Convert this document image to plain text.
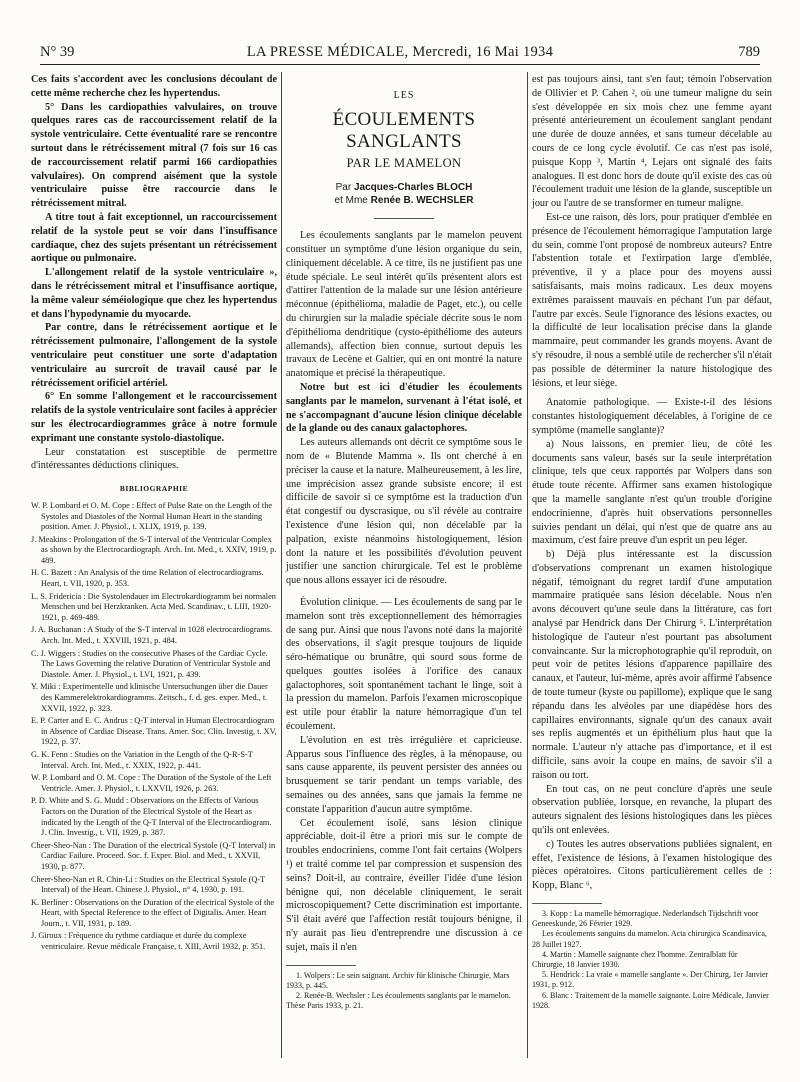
N° 39	LA PRESSE MÉDICALE, Mercredi, 16 Mai 1934	789

Ces faits s'accordent avec les conclusions découlant de cette même recherche chez les hypertendus.

5° Dans les cardiopathies valvulaires, on trouve quelques rares cas de raccourcissement relatif de la systole ventriculaire. Cette éventualité rare se rencontre surtout dans le rétrécissement mitral (7 fois sur 16 cas de raccourcissement relatif parmi 166 cardiopathies valvulaires). On comprend aisément que la systole ventriculaire puisse être raccourcie dans le rétrécissement mitral.

A titre tout à fait exceptionnel, un raccourcissement relatif de la systole peut se voir dans l'insuffisance cardiaque, chez des sujets présentant un rétrécissement aortique ou pulmonaire.

L'allongement relatif de la systole ventriculaire », dans le rétrécissement mitral et l'insuffisance aortique, la même valeur séméiologique que chez les hypertendus et dans l'hypodynamie du myocarde.

Par contre, dans le rétrécissement aortique et le rétrécissement pulmonaire, l'allongement de la systole ventriculaire peut constituer une sorte d'adaptation ventriculaire au surcroît de travail causé par le rétrécissement orificiel artériel.

6° En somme l'allongement et le raccourcissement relatifs de la systole ventriculaire sont faciles à apprécier sur les électrocardiogrammes grâce à notre formule exprimant une constante systolo-diastolique.

Leur constatation est susceptible de permettre d'intéressantes déductions cliniques.

BIBLIOGRAPHIE

W. P. Lombard et O. M. Cope : Effect of Pulse Rate on the Length of the Systoles and Diastoles of the Normal Human Heart in the standing position. Amer. J. Physiol., t. XLIX, 1919, p. 139.

J. Meakins : Prolongation of the S-T interval of the Ventricular Complex as shown by the Electrocardiograph. Arch. Int. Med., t. XXIV, 1919, p. 489.

H. C. Bazett : An Analysis of the time Relation of electrocardiograms. Heart, t. VII, 1920, p. 353.

L. S. Fridericia : Die Systolendauer im Electrokardiogramm bei normalen Menschen und bei Herzkranken. Acta Med. Scandinav., t. LIII, 1920-1921, p. 469-489.

J. A. Buchanan : A Study of the S-T interval in 1028 electrocardiograms. Arch. Int. Med., t. XXVIII, 1921, p. 484.

C. J. Wiggers : Studies on the consecutive Phases of the Cardiac Cycle. The Laws Governing the relative Duration of Ventricular Systole and Diastole. Amer. J. Physiol., t. LVI, 1921, p. 439.

Y. Miki : Experimentelle und klinische Untersuchungen über die Dauer des Kammerelektrokardiogramms. Zeitsch., f. d. ges. exper. Med., t. XXVII, 1922, p. 323.

E. P. Carter and E. C. Andrus : Q-T interval in Human Electrocardiogram in Absence of Cardiac Disease. Trans. Amer. Soc. Clin. Investig, t. XV, 1922, p. 37.

G. K. Fenn : Studies on the Variation in the Length of the Q-R-S-T Interval. Arch. Int. Med., t. XXIX, 1922, p. 441.

W. P. Lombard and O. M. Cope : The Duration of the Systole of the Left Ventricle. Amer. J. Physiol., t. LXXVII, 1926, p. 263.

P. D. White and S. G. Mudd : Observations on the Effects of Various Factors on the Duration of the Electrical Systole of the Heart as indicated by the Length of the Q-T Interval of the Electrocardiogram. J. Clin. Investig., t. VII, 1929, p. 387.

Cheer-Sheo-Nan : The Duration of the electrical Systole (Q-T Interval) in Cardiac Failure. Proceed. Soc. f. Exper. Biol. and Med., t. XXVII, 1930, p. 877.

Cheer-Sheo-Nan et R. Chin-Li : Studies on the Electrical Systole (Q-T Interval) of the Heart. Chinese J. Physiol., n° 4, 1930, p. 191.

K. Berliner : Observations on the Duration of the electrical Systole of the Heart, with Special Reference to the effect of Digitalis. Amer. Heart Journ., t. VII, 1931, p. 189.

J. Giroux : Fréquence du rythme cardiaque et durée du complexe ventriculaire. Revue médicale Française, t. XIII, Avril 1932, p. 351.

LES
ÉCOULEMENTS SANGLANTS
PAR LE MAMELON
Par Jacques-Charles BLOCH
et Mme Renée B. WECHSLER

Les écoulements sanglants par le mamelon peuvent constituer un symptôme d'une lésion organique du sein, cliniquement décelable. A ce titre, ils ne justifient pas une étude spéciale. Le seul intérêt qu'ils présentent alors est d'attirer l'attention de la malade sur une lésion antérieure méconnue (épithélioma, maladie de Paget, etc.), ou celle du chirurgien sur la maladie spéciale décrite sous le nom d'épithélioma dendritique (cysto-épithéliome des auteurs allemands), affection bien connue, surtout depuis les travaux de Lecène et Galtier, qui en ont montré la nature anatomique et précisé la thérapeutique.

Notre but est ici d'étudier les écoulements sanglants par le mamelon, survenant à l'état isolé, et ne s'accompagnant d'aucune lésion clinique décelable de la glande ou des canaux galactophores.

Les auteurs allemands ont décrit ce symptôme sous le nom de « Blutende Mamma ». Ils ont cherché à en préciser la cause et la nature. Malheureusement, à les lire, une imprécision assez grande subsiste encore; il est difficile de savoir si ce symptôme est la traduction d'un état congestif ou dyscrasique, ou s'il révèle au contraire l'existence d'une lésion qui, non décelable par la palpation, existe néanmoins histologiquement, lésion dont la nature et les possibilités d'évolution peuvent justifier une sanction chirurgicale. Tel est le problème que nous allons essayer ici de résoudre.

Évolution clinique. — Les écoulements de sang par le mamelon sont très exceptionnellement des hémorragies de sang pur. Ainsi que nous l'avons noté dans la majorité des observations, il s'agit presque toujours de liquide séro-hématique ou brunâtre, qui sourd sous forme de quelques gouttes isolées à l'orifice des canaux galactophores, soit spontanément tachant le linge, soit à la pression du mamelon. Parfois l'examen microscopique est utile pour établir la nature hémorragique d'un tel écoulement.

L'évolution en est très irrégulière et capricieuse. Apparus sous l'influence des règles, à la ménopause, ou sans cause apparente, ils peuvent persister des années ou brusquement se tarir pendant un temps variable, des semaines ou des années, sans que jamais la femme ne constate l'apparition d'aucun autre symptôme.

Cet écoulement isolé, sans lésion clinique appréciable, doit-il être a priori mis sur le compte de troubles endocriniens, comme l'ont fait certains (Wolpers ¹) et traité comme tel par compression et suspension des seins? Doit-il, au contraire, éveiller l'idée d'une lésion bénigne qui, non décelable cliniquement, le serait microscopiquement? Cette discrimination est importante. S'il était avéré que l'affection restât toujours bénigne, il n'y aurait pas lieu d'entreprendre une discussion à ce sujet, mais il n'en

1. Wolpers : Le sein saignant. Archiv für klinische Chirurgie, Mars 1933, p. 445.

2. Renée-B. Wechsler : Les écoulements sanglants par le mamelon. Thèse Paris 1933, p. 21.

est pas toujours ainsi, tant s'en faut; témoin l'observation de Ollivier et P. Cahen ², où une tumeur maligne du sein s'est développée en six mois chez une femme ayant présenté antérieurement un écoulement sanglant pendant une durée de douze années, et sans tumeur décelable au cours de ce long cycle évolutif. Ce cas n'est pas isolé, puisque Kopp ³, Martin ⁴, Lejars ont signalé des faits analogues. Il est donc hors de doute qu'il existe des cas où l'écoulement traduit une lésion de la glande, susceptible un jour ou l'autre de se transformer en tumeur maligne.

Est-ce une raison, dès lors, pour pratiquer d'emblée en présence de l'écoulement hémorragique l'amputation large du sein, comme l'ont proposé de nombreux auteurs? Entre l'abstention totale et l'extirpation large d'emblée, préventive, il y a place pour des moyens aussi satisfaisants, mais moins radicaux. Les deux moyens extrêmes paraissent mauvais en péchant l'un par défaut, l'autre par excès. Seule l'ignorance des lésions exactes, ou la difficulté de leur localisation précise dans la glande mammaire, peut commander les grands moyens. Avant de s'y résoudre, il nous a semblé utile de rechercher s'il n'était pas possible de déterminer la nature histologique des lésions, et leur siège.

Anatomie pathologique. — Existe-t-il des lésions constantes histologiquement décelables, à l'origine de ce symptôme (mamelle sanglante)?

a) Nous laissons, en premier lieu, de côté les documents sans valeur, basés sur la seule interprétation clinique, tels que ceux rapportés par Wolpers dans son étude toute récente. Affirmer sans examen histologique que la mamelle sanglante n'est qu'un trouble d'origine endocrinienne, d'après huit observations personnelles suivies pendant un délai, qui n'est que de quatre ans au maximum, c'est faire preuve d'un esprit un peu léger.

b) Déjà plus intéressante est la discussion d'observations comprenant un examen histologique négatif, témoignant du regret tardif d'une amputation mammaire pratiquée sans lésion décelable. Nous n'en avons découvert qu'une seule dans la littérature, cas fort analysé par Hendrick dans Der Chirurg ⁵. L'interprétation histologique de l'auteur n'est pourtant pas absolument convaincante. Sur la microphotographie qu'il reproduit, on peut voir de petites lésions d'apparence papillaire des canaux, et l'auteur, lui-même, après avoir affirmé l'absence de toute tumeur (kyste ou papillome), explique que le sang répandu dans les alvéoles par une diapédèse hors des capillaires environnants, signale qu'un des canaux avait ses replis augmentés et un épithélium plus haut que la normale. L'auteur n'y attache pas d'importance, et il est difficile, sans avoir la coupe en mains, de savoir s'il a raison ou tort.

En tout cas, on ne peut conclure d'après une seule observation publiée, lorsque, en revanche, la plupart des auteurs signalent des lésions histologiques dans les pièces qu'ils ont enlevées.

c) Toutes les autres observations publiées signalent, en effet, l'existence de lésions, à l'examen histologique des pièces opératoires. Citons particulièrement celles de : Kopp, Blanc ⁶,

3. Kopp : La mamelle hémorragique. Nederlandsch Tijdschrift voor Geneeskunde, 26 Février 1929.

Les écoulements sanguins du mamelon. Acta chirurgica Scandinavica, 28 Juillet 1927.

4. Martin : Mamelle saignante chez l'homme. Zentralblatt für Chirurgie, 18 Janvier 1930.

5. Hendrick : La vraie « mamelle sanglante ». Der Chirurg, 1er Janvier 1931, p. 912.

6. Blanc : Traitement de la mamelle saignante. Loire Médicale, Janvier 1928.
